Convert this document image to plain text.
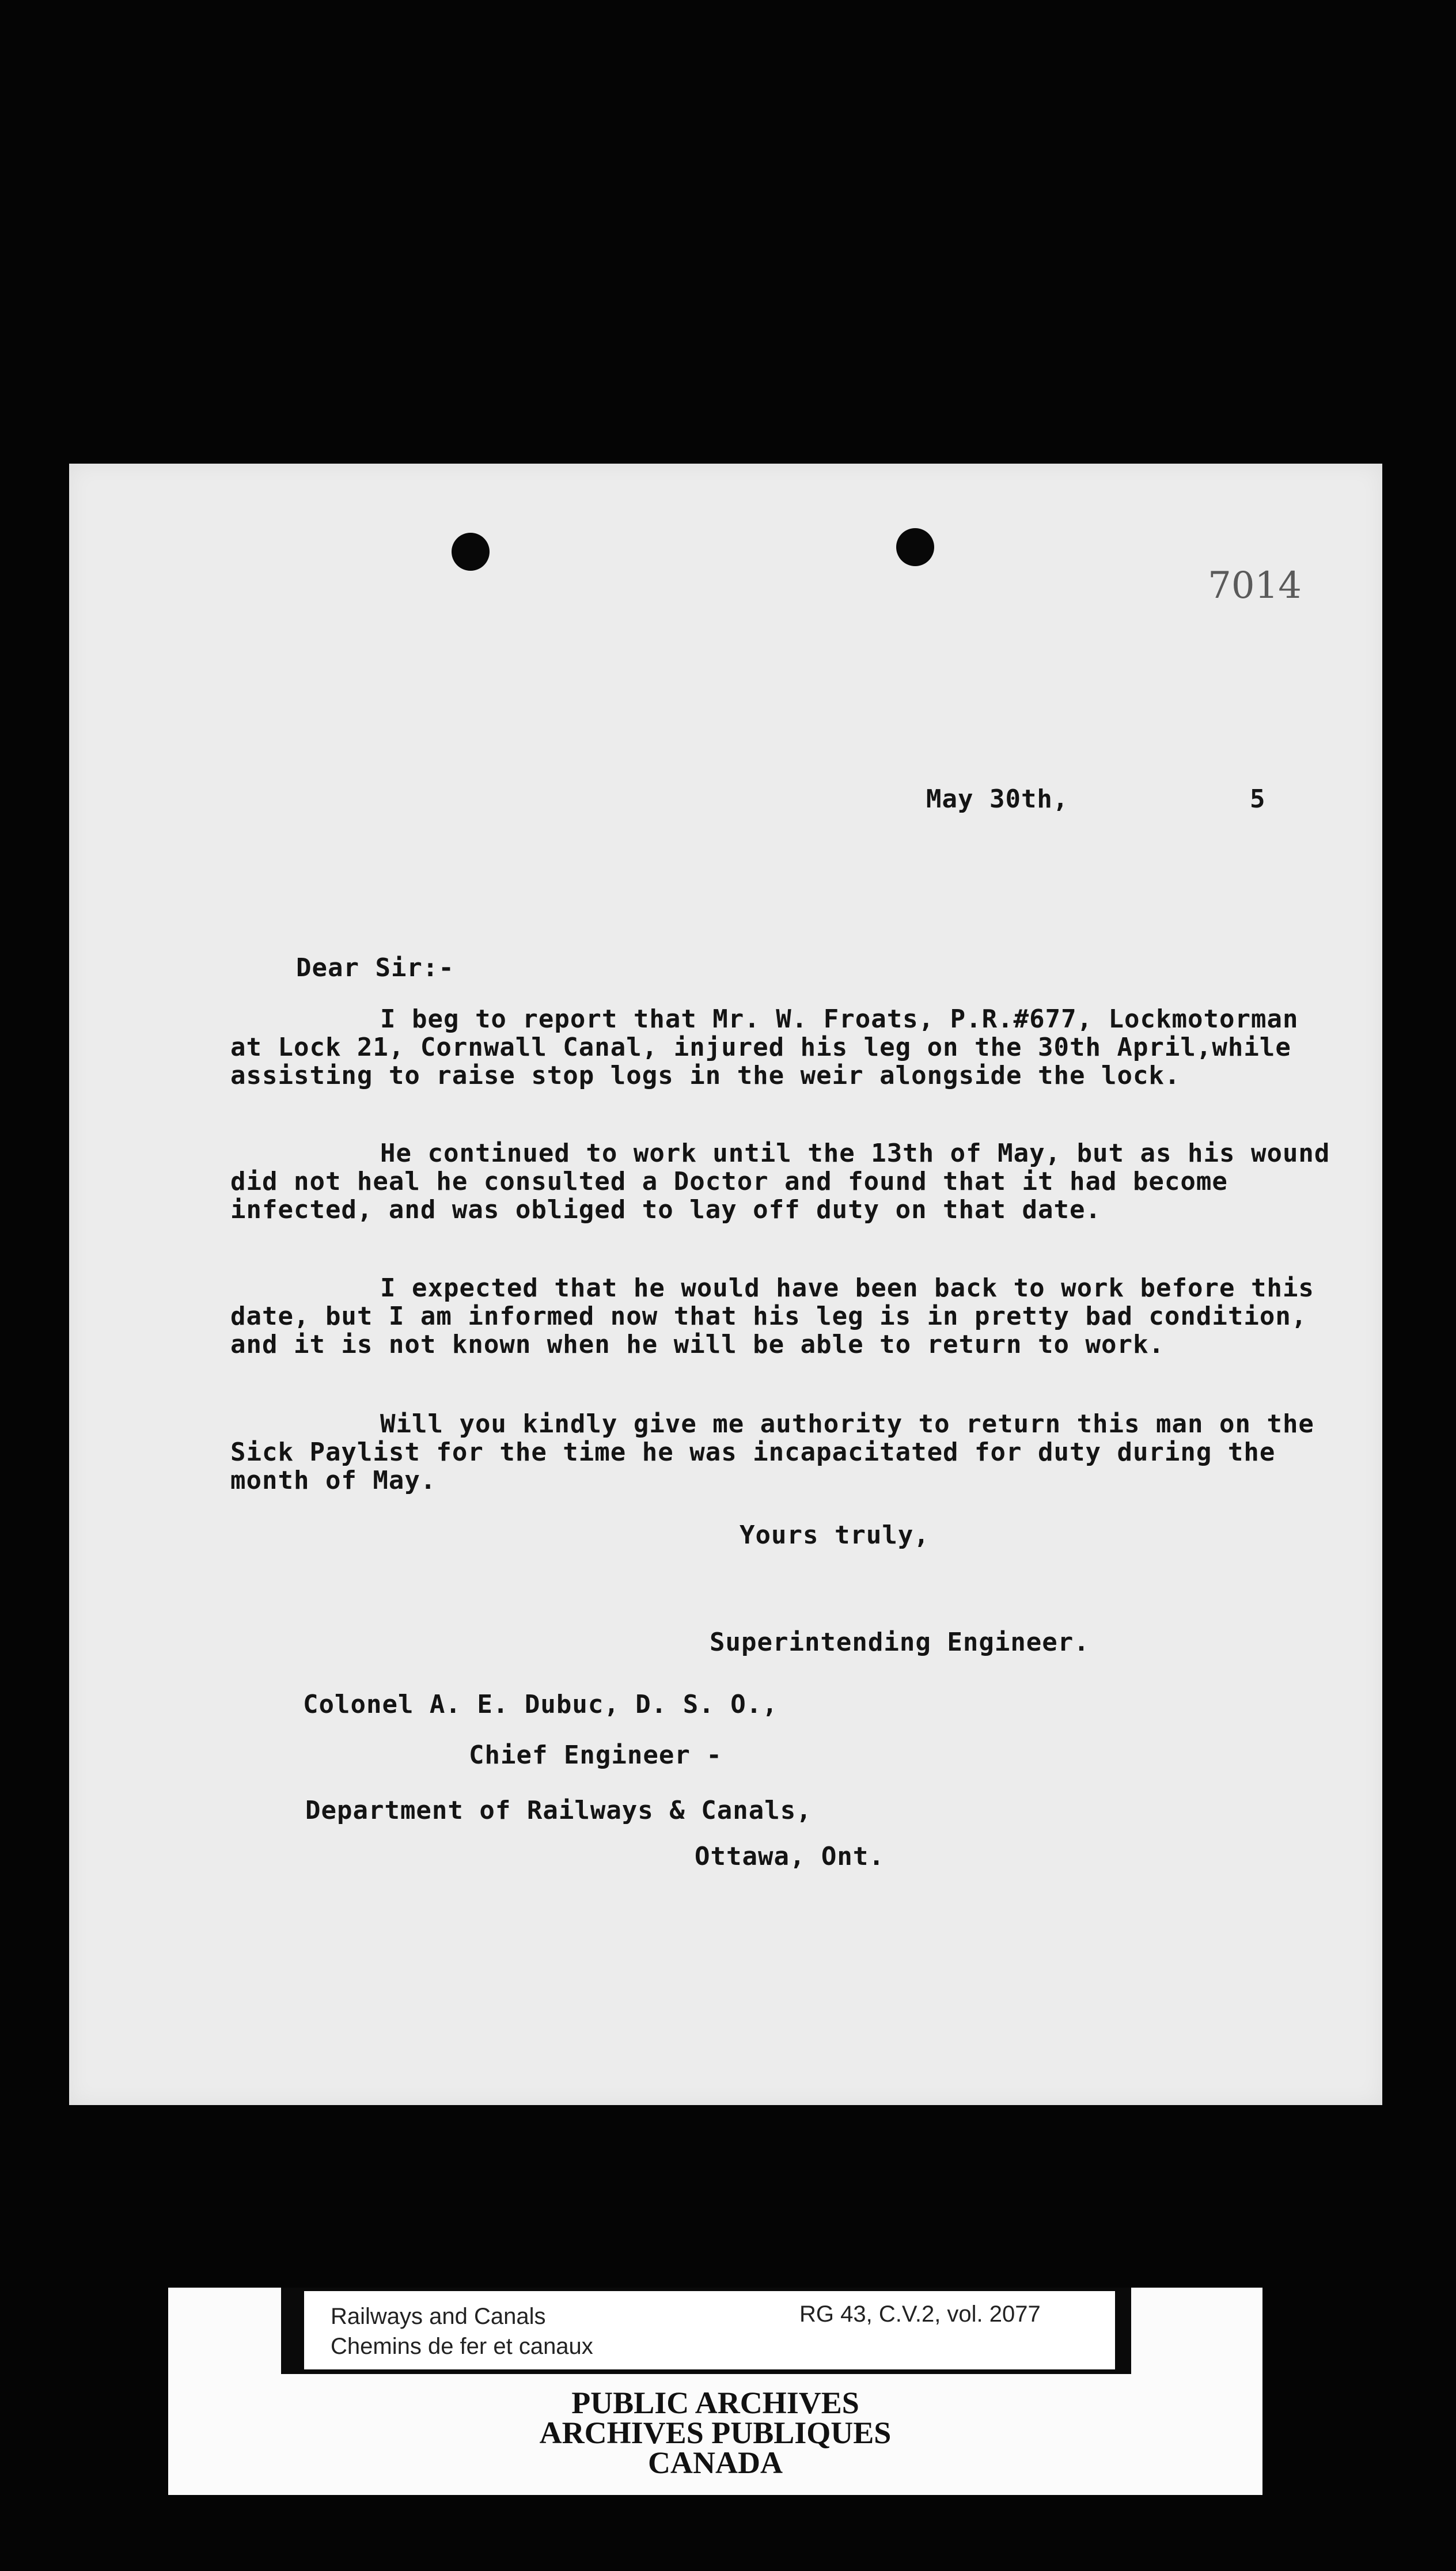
7014
May 30th,	5
Dear Sir:-
I beg to report that Mr. W. Froats, P.R.#677, Lockmotorman at Lock 21, Cornwall Canal, injured his leg on the 30th April,while assisting to raise stop logs in the weir alongside the lock.
He continued to work until the 13th of May, but as his wound did not heal he consulted a Doctor and found that it had become infected, and was obliged to lay off duty on that date.
I expected that he would have been back to work before this date, but I am informed now that his leg is in pretty bad condition, and it is not known when he will be able to return to work.
Will you kindly give me authority to return this man on the Sick Paylist for the time he was incapacitated for duty during the month of May.
Yours truly,
Superintending Engineer.
Colonel A. E. Dubuc, D. S. O.,
Chief Engineer -
Department of Railways & Canals,
Ottawa, Ont.
Railways and Canals
Chemins de fer et canaux
RG 43, C.V.2, vol. 2077
PUBLIC ARCHIVES
ARCHIVES PUBLIQUES
CANADA
